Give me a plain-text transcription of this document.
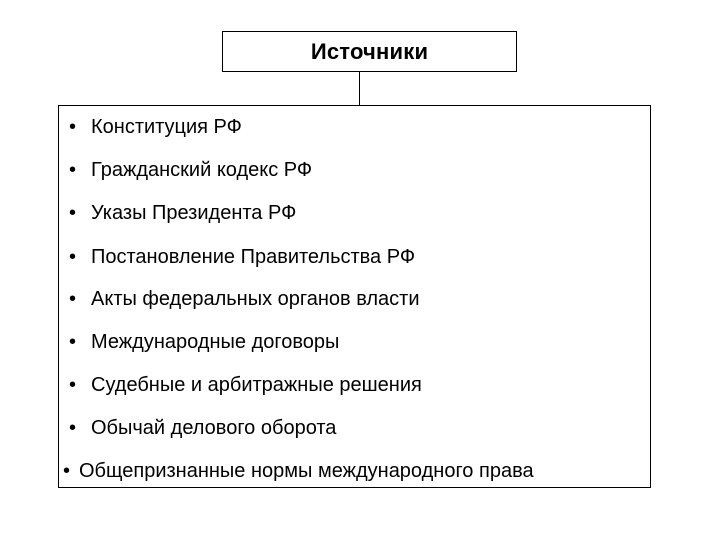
Источники
• Конституция РФ
• Гражданский кодекс РФ
• Указы Президента РФ
• Постановление Правительства РФ
• Акты федеральных органов власти
• Международные договоры
• Судебные и арбитражные решения
• Обычай делового оборота
• Общепризнанные нормы международного права
